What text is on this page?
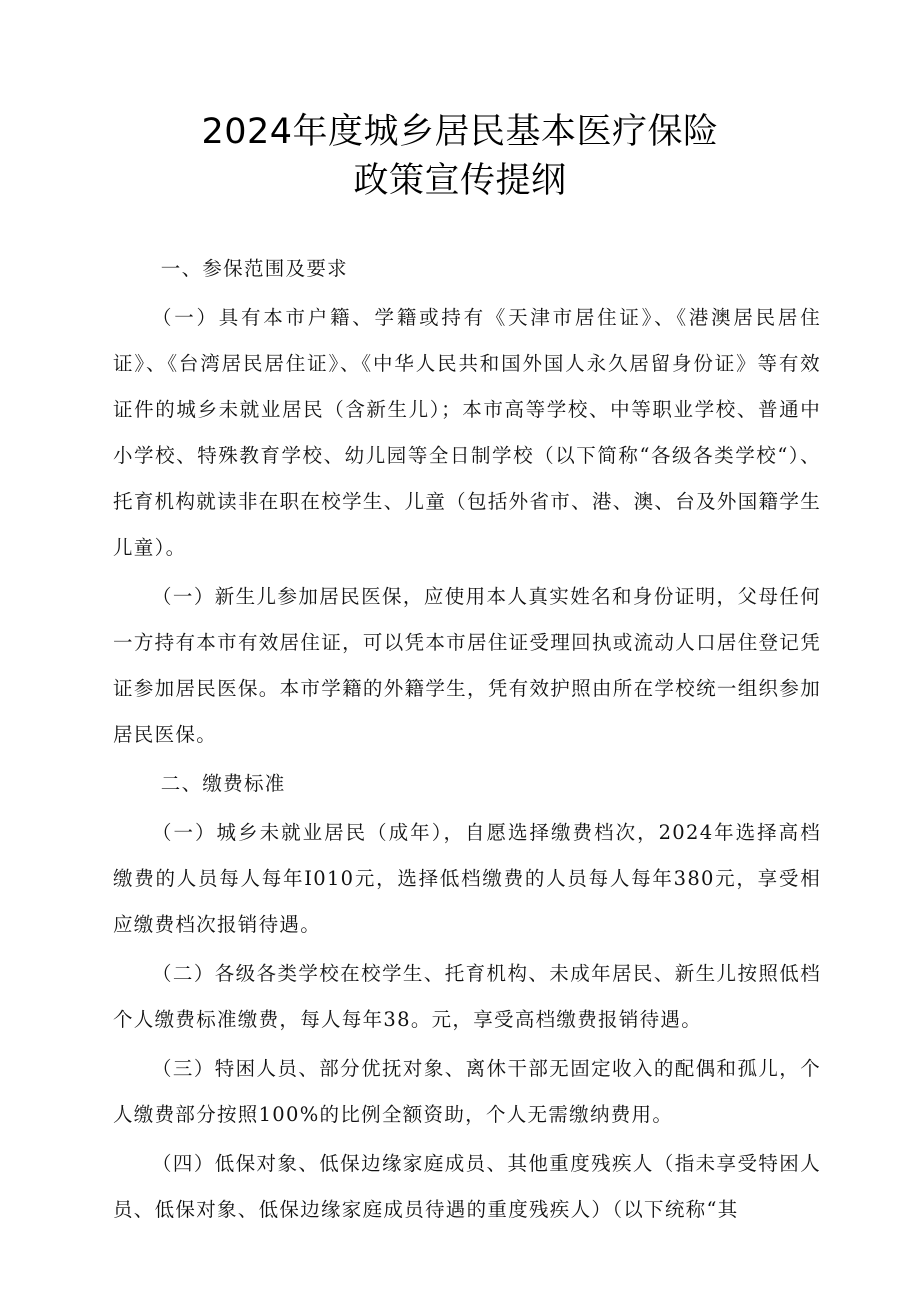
2024年度城乡居民基本医疗保险
政策宣传提纲

一、参保范围及要求

（一）具有本市户籍、学籍或持有《天津市居住证》、《港澳居民居住证》、《台湾居民居住证》、《中华人民共和国外国人永久居留身份证》等有效证件的城乡未就业居民（含新生儿）；本市高等学校、中等职业学校、普通中小学校、特殊教育学校、幼儿园等全日制学校（以下简称“各级各类学校“）、托育机构就读非在职在校学生、儿童（包括外省市、港、澳、台及外国籍学生儿童）。

（一）新生儿参加居民医保，应使用本人真实姓名和身份证明，父母任何一方持有本市有效居住证，可以凭本市居住证受理回执或流动人口居住登记凭证参加居民医保。本市学籍的外籍学生，凭有效护照由所在学校统一组织参加居民医保。

二、缴费标准

（一）城乡未就业居民（成年），自愿选择缴费档次，2024年选择高档缴费的人员每人每年I010元，选择低档缴费的人员每人每年380元，享受相应缴费档次报销待遇。

（二）各级各类学校在校学生、托育机构、未成年居民、新生儿按照低档个人缴费标准缴费，每人每年38。元，享受高档缴费报销待遇。

（三）特困人员、部分优抚对象、离休干部无固定收入的配偶和孤儿，个人缴费部分按照100%的比例全额资助，个人无需缴纳费用。

（四）低保对象、低保边缘家庭成员、其他重度残疾人（指未享受特困人员、低保对象、低保边缘家庭成员待遇的重度残疾人）（以下统称“其
